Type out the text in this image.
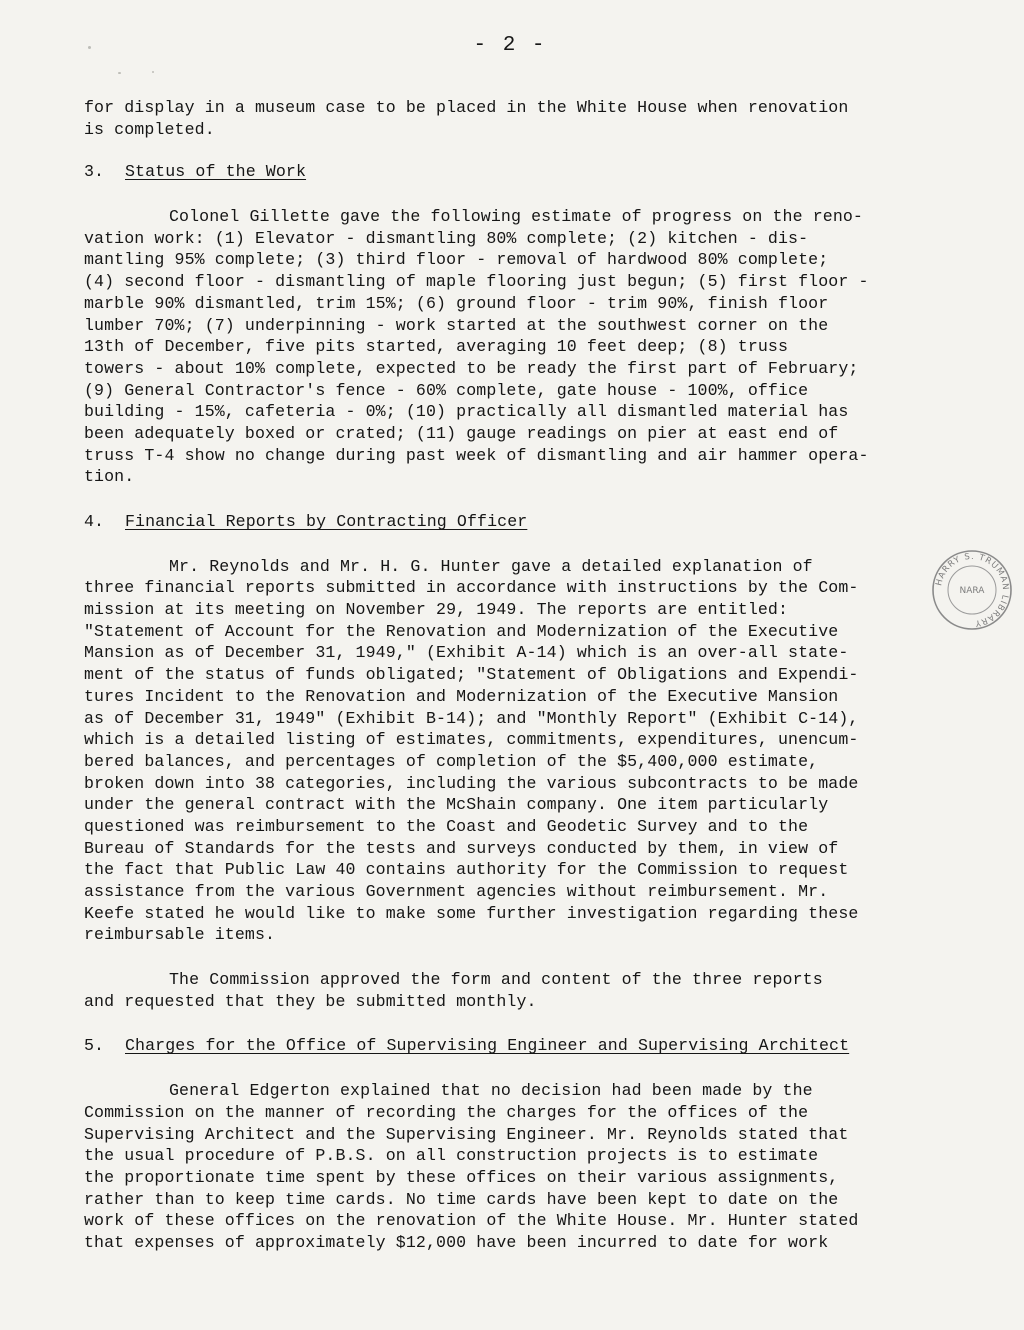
- 2 -
for display in a museum case to be placed in the White House when renovation
is completed.
3. Status of the Work
Colonel Gillette gave the following estimate of progress on the reno-
vation work: (1) Elevator - dismantling 80% complete; (2) kitchen - dis-
mantling 95% complete; (3) third floor - removal of hardwood 80% complete;
(4) second floor - dismantling of maple flooring just begun; (5) first floor -
marble 90% dismantled, trim 15%; (6) ground floor - trim 90%, finish floor
lumber 70%; (7) underpinning - work started at the southwest corner on the
13th of December, five pits started, averaging 10 feet deep; (8) truss
towers - about 10% complete, expected to be ready the first part of February;
(9) General Contractor's fence - 60% complete, gate house - 100%, office
building - 15%, cafeteria - 0%; (10) practically all dismantled material has
been adequately boxed or crated; (11) gauge readings on pier at east end of
truss T-4 show no change during past week of dismantling and air hammer opera-
tion.
4. Financial Reports by Contracting Officer
Mr. Reynolds and Mr. H. G. Hunter gave a detailed explanation of
three financial reports submitted in accordance with instructions by the Com-
mission at its meeting on November 29, 1949. The reports are entitled:
"Statement of Account for the Renovation and Modernization of the Executive
Mansion as of December 31, 1949," (Exhibit A-14) which is an over-all state-
ment of the status of funds obligated; "Statement of Obligations and Expendi-
tures Incident to the Renovation and Modernization of the Executive Mansion
as of December 31, 1949" (Exhibit B-14); and "Monthly Report" (Exhibit C-14),
which is a detailed listing of estimates, commitments, expenditures, unencum-
bered balances, and percentages of completion of the $5,400,000 estimate,
broken down into 38 categories, including the various subcontracts to be made
under the general contract with the McShain company. One item particularly
questioned was reimbursement to the Coast and Geodetic Survey and to the
Bureau of Standards for the tests and surveys conducted by them, in view of
the fact that Public Law 40 contains authority for the Commission to request
assistance from the various Government agencies without reimbursement. Mr.
Keefe stated he would like to make some further investigation regarding these
reimbursable items.
The Commission approved the form and content of the three reports
and requested that they be submitted monthly.
5. Charges for the Office of Supervising Engineer and Supervising Architect
General Edgerton explained that no decision had been made by the
Commission on the manner of recording the charges for the offices of the
Supervising Architect and the Supervising Engineer. Mr. Reynolds stated that
the usual procedure of P.B.S. on all construction projects is to estimate
the proportionate time spent by these offices on their various assignments,
rather than to keep time cards. No time cards have been kept to date on the
work of these offices on the renovation of the White House. Mr. Hunter stated
that expenses of approximately $12,000 have been incurred to date for work
HARRY S. TRUMAN LIBRARY
NARA
